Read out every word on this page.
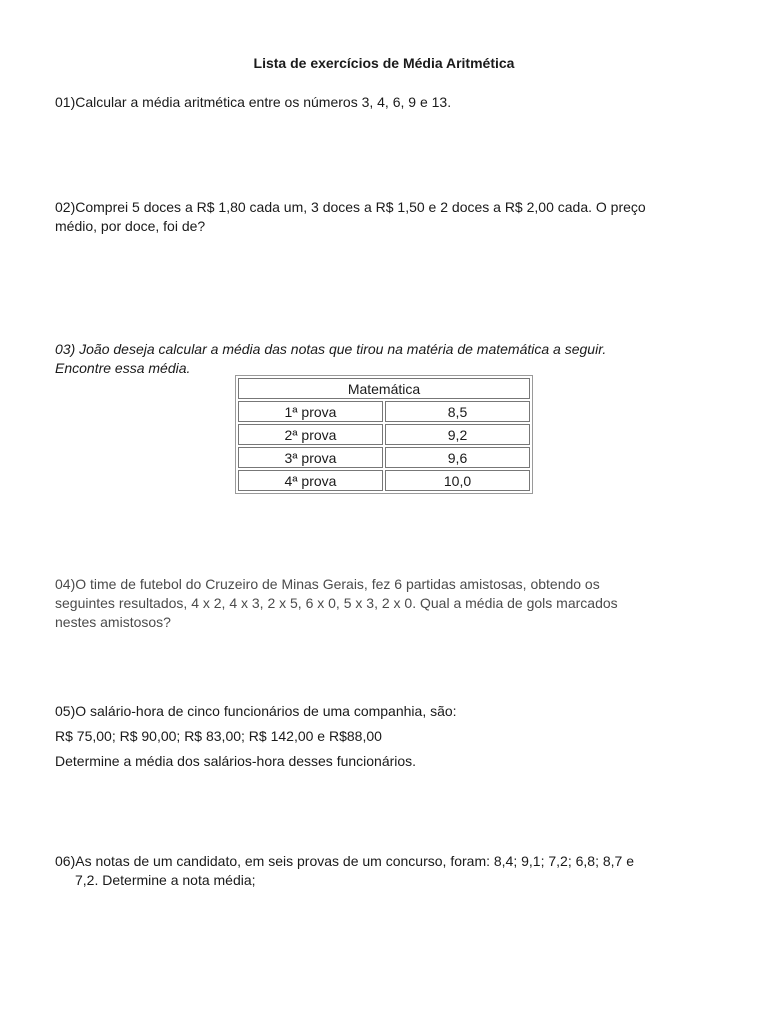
Lista de exercícios de Média Aritmética

01)Calcular a média aritmética entre os números 3, 4, 6, 9 e 13.

02)Comprei 5 doces a R$ 1,80 cada um, 3 doces a R$ 1,50 e 2 doces a R$ 2,00 cada. O preço

médio, por doce, foi de?

03) João deseja calcular a média das notas que tirou na matéria de matemática a seguir.

Encontre essa média.

Matemática	
1ª prova	8,5
2ª prova	9,2
3ª prova	9,6
4ª prova	10,0

04)O time de futebol do Cruzeiro de Minas Gerais, fez 6 partidas amistosas, obtendo os

seguintes resultados, 4 x 2, 4 x 3, 2 x 5, 6 x 0, 5 x 3, 2 x 0. Qual a média de gols marcados

nestes amistosos?

05)O salário-hora de cinco funcionários de uma companhia, são:

R$ 75,00; R$ 90,00; R$ 83,00; R$ 142,00 e R$88,00

Determine a média dos salários-hora desses funcionários.

06)As notas de um candidato, em seis provas de um concurso, foram: 8,4; 9,1; 7,2; 6,8; 8,7 e

7,2. Determine a nota média;
